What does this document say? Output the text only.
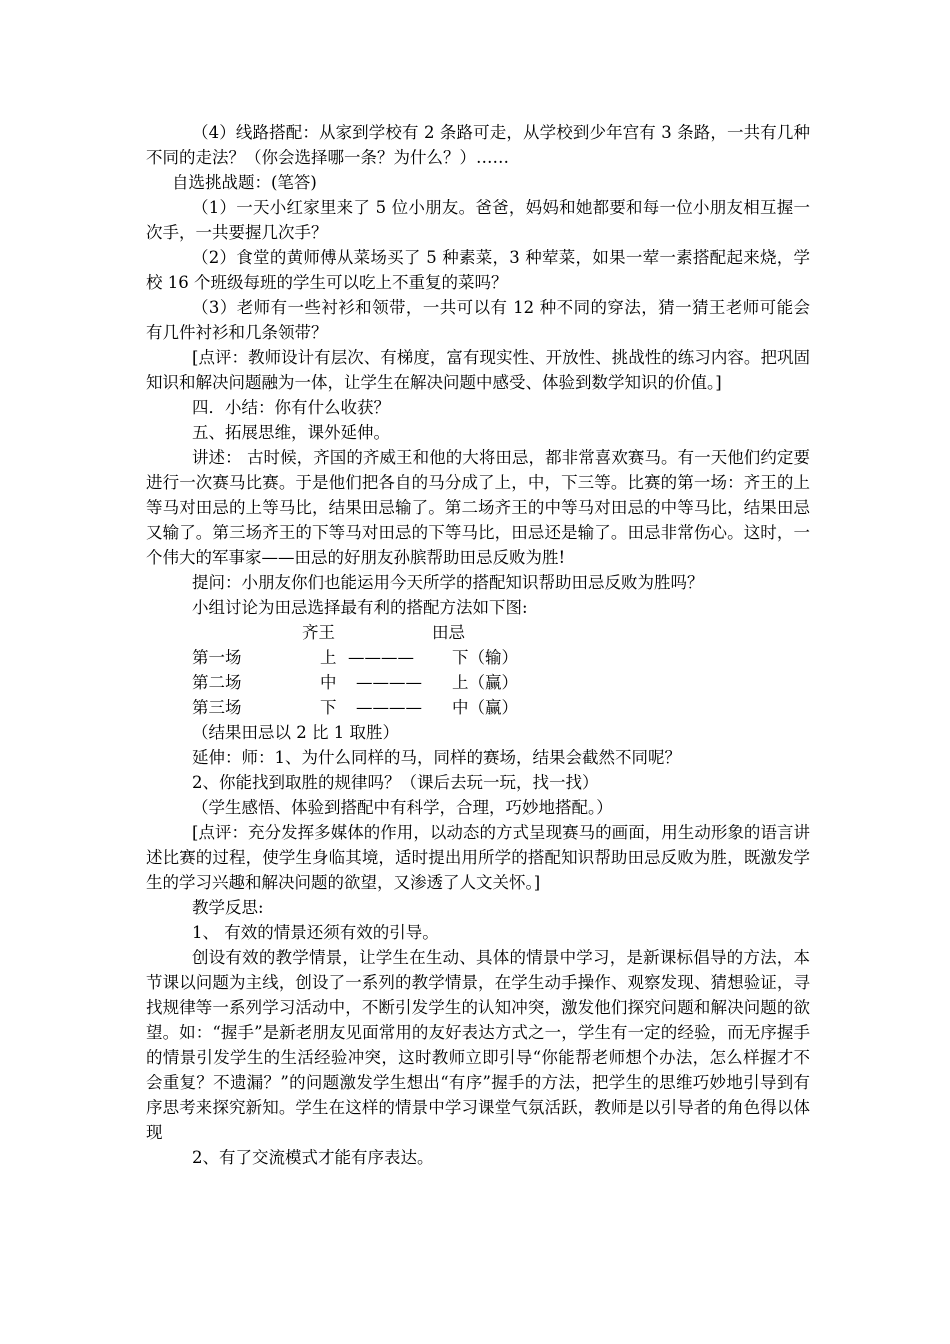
（4）线路搭配：从家到学校有 2 条路可走，从学校到少年宫有 3 条路，一共有几种不同的走法？（你会选择哪一条？为什么？）……

自选挑战题：(笔答)

（1）一天小红家里来了 5 位小朋友。爸爸，妈妈和她都要和每一位小朋友相互握一次手，一共要握几次手？

（2）食堂的黄师傅从菜场买了 5 种素菜，3 种荤菜，如果一荤一素搭配起来烧，学校 16 个班级每班的学生可以吃上不重复的菜吗？

（3）老师有一些衬衫和领带，一共可以有 12 种不同的穿法，猜一猜王老师可能会有几件衬衫和几条领带？

[点评：教师设计有层次、有梯度，富有现实性、开放性、挑战性的练习内容。把巩固知识和解决问题融为一体，让学生在解决问题中感受、体验到数学知识的价值。]

四．小结：你有什么收获？

五、拓展思维，课外延伸。

讲述： 古时候，齐国的齐威王和他的大将田忌，都非常喜欢赛马。有一天他们约定要进行一次赛马比赛。于是他们把各自的马分成了上，中，下三等。比赛的第一场：齐王的上等马对田忌的上等马比，结果田忌输了。第二场齐王的中等马对田忌的中等马比，结果田忌又输了。第三场齐王的下等马对田忌的下等马比，田忌还是输了。田忌非常伤心。这时，一个伟大的军事家——田忌的好朋友孙膑帮助田忌反败为胜!

提问：小朋友你们也能运用今天所学的搭配知识帮助田忌反败为胜吗？

小组讨论为田忌选择最有利的搭配方法如下图:

齐王	田忌
第一场	上 ———— 下（输）
第二场	中 ———— 上（赢）
第三场	下 ———— 中（赢）

（结果田忌以 2 比 1 取胜）

延伸：师：1、为什么同样的马，同样的赛场，结果会截然不同呢？

2、你能找到取胜的规律吗？（课后去玩一玩，找一找）

（学生感悟、体验到搭配中有科学，合理，巧妙地搭配。）

[点评：充分发挥多媒体的作用，以动态的方式呈现赛马的画面，用生动形象的语言讲述比赛的过程，使学生身临其境，适时提出用所学的搭配知识帮助田忌反败为胜，既激发学生的学习兴趣和解决问题的欲望，又渗透了人文关怀。]

教学反思:

1、 有效的情景还须有效的引导。

创设有效的教学情景，让学生在生动、具体的情景中学习，是新课标倡导的方法，本节课以问题为主线，创设了一系列的教学情景，在学生动手操作、观察发现、猜想验证，寻找规律等一系列学习活动中，不断引发学生的认知冲突，激发他们探究问题和解决问题的欲望。如：“握手”是新老朋友见面常用的友好表达方式之一，学生有一定的经验，而无序握手的情景引发学生的生活经验冲突，这时教师立即引导“你能帮老师想个办法，怎么样握才不会重复？不遗漏？”的问题激发学生想出“有序”握手的方法，把学生的思维巧妙地引导到有序思考来探究新知。学生在这样的情景中学习课堂气氛活跃，教师是以引导者的角色得以体现

2、有了交流模式才能有序表达。
